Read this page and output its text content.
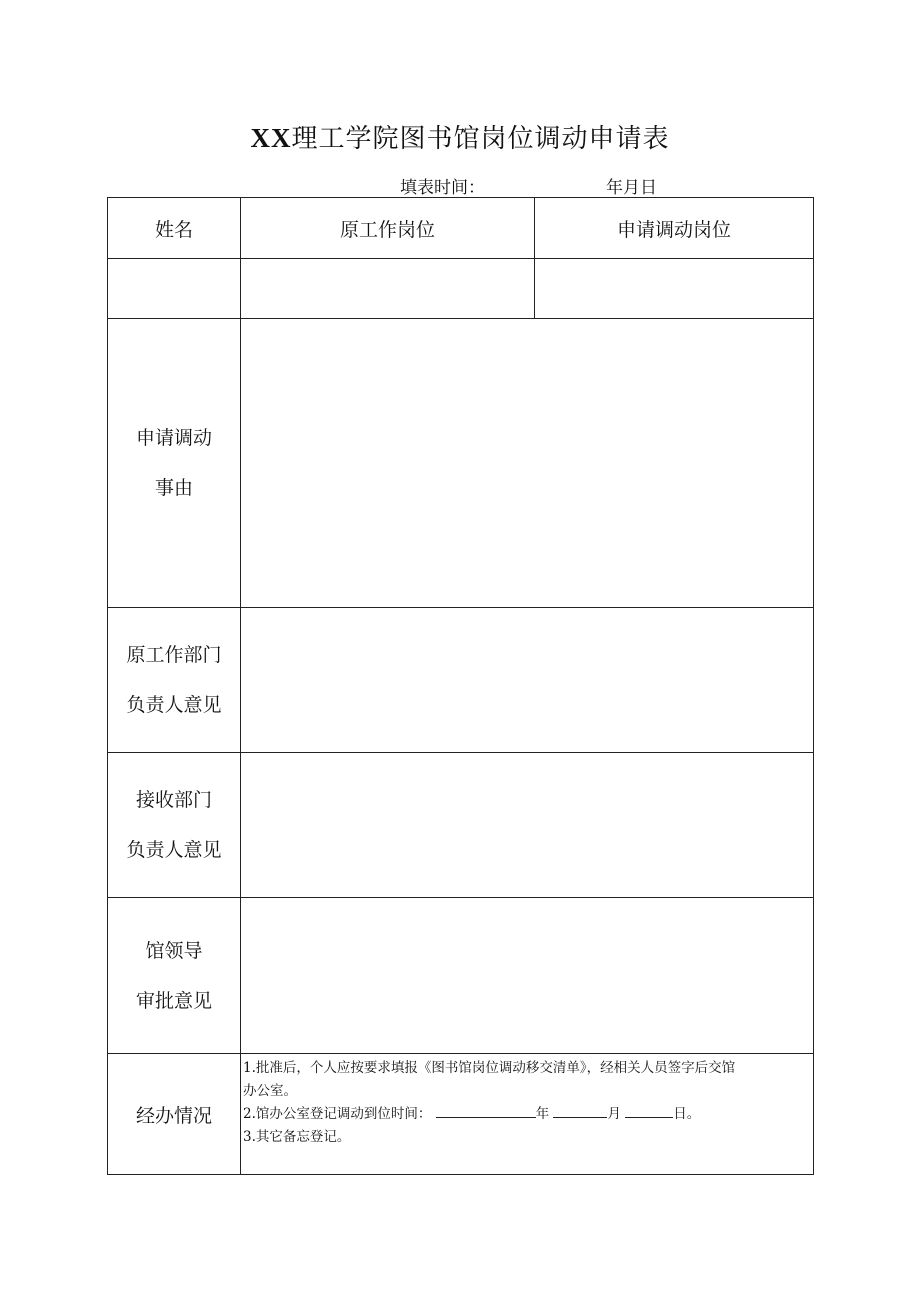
XX理工学院图书馆岗位调动申请表
填表时间：	年月日
姓名	原工作岗位	申请调动岗位

申请调动
事由		

原工作部门
负责人意见		

接收部门
负责人意见		

馆领导
审批意见		

经办情况	1.批准后，个人应按要求填报《图书馆岗位调动移交清单》，经相关人员签字后交馆
办公室。
2.馆办公室登记调动到位时间： 年 月 日。
3.其它备忘登记。	
